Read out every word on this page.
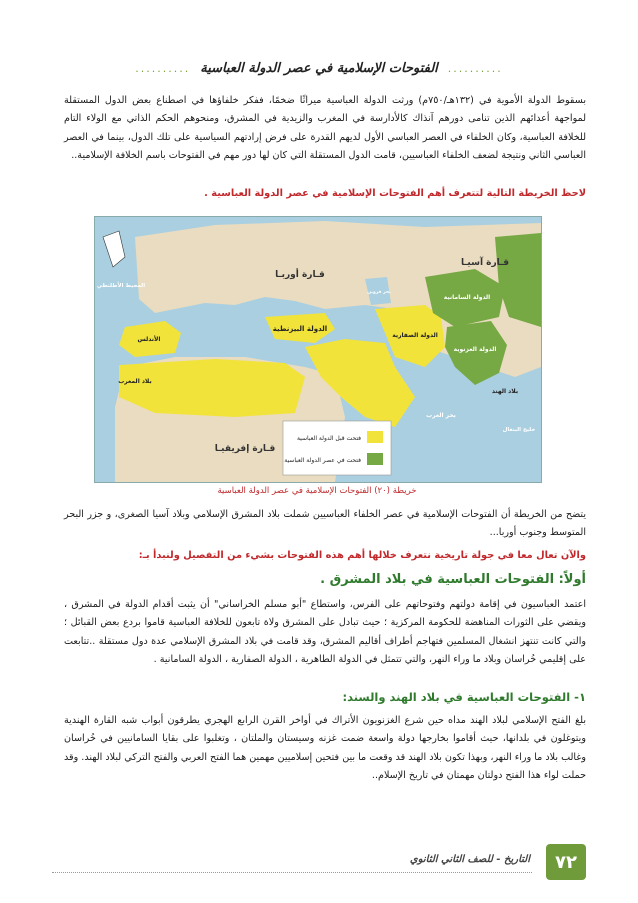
..........
الفتوحات الإسلامية في عصر الدولة العباسية
..........

بسقوط الدولة الأموية في (١٣٢هـ/٧٥٠م) ورثت الدولة العباسية ميراثًا ضخمًا، ففكر خلفاؤها في اصطناع بعض الدول المستقلة لمواجهة أعدائهم الذين تنامى دورهم آنذاك كالأدارسة في المغرب والزيدية في المشرق، ومنحوهم الحكم الذاتي مع الولاء التام للخلافة العباسية، وكان الخلفاء في العصر العباسي الأول لديهم القدرة على فرض إرادتهم السياسية على تلك الدول، بينما في العصر العباسي الثاني ونتيجة لضعف الخلفاء العباسيين، قامت الدول المستقلة التي كان لها دور مهم في الفتوحات باسم الخلافة الإسلامية..

لاحظ الخريطة التالية لتتعرف أهم الفتوحات الإسلامية في عصر الدولة العباسية .
قـارة أوربـا
قـارة آسيـا
قـارة إفريقيـا
الدولة البيزنطية
المحيط الأطلنطي
الأندلس
بلاد المغرب
الدولة السامانية
الدولة الصفارية
الدولة الغزنوية
بلاد الهند
بحر العرب
خليج البنغال
بحر قزوين
فتحت قبل الدولة العباسية
فتحت في عصر الدولة العباسية
خريطة (٢٠) الفتوحات الإسلامية في عصر الدولة العباسية

يتضح من الخريطة أن الفتوحات الإسلامية في عصر الخلفاء العباسيين شملت بلاد المشرق الإسلامي وبلاد آسيا الصغرى، و جزر البحر المتوسط وجنوب أوربا...

والآن تعال معا في جولة تاريخية نتعرف خلالها أهم هذه الفتوحات بشيء من التفصيل ولنبدأ بـ:
أولاً: الفتوحات العباسية في بلاد المشرق .

اعتمد العباسيون في إقامة دولتهم وفتوحاتهم على الفرس، واستطاع "أبو مسلم الخراساني" أن يثبت أقدام الدولة في المشرق ، ويقضي على الثورات المناهضة للحكومة المركزية ؛ حيث تبادل على المشرق ولاة تابعون للخلافة العباسية قاموا بردع بعض القبائل ؛ والتي كانت تنتهز انشغال المسلمين فتهاجم أطراف أقاليم المشرق، وقد قامت في بلاد المشرق الإسلامي عدة دول مستقلة ..تتابعت على إقليمي خُراسان وبلاد ما وراء النهر، والتي تتمثل في الدولة الطاهرية ، الدولة الصفارية ، الدولة السامانية .

١- الفتوحات العباسية في بلاد الهند والسند:

بلغ الفتح الإسلامي لبلاد الهند مداه حين شرع الغزنويون الأتراك في أواخر القرن الرابع الهجري يطرقون أبواب شبه القارة الهندية ويتوغلون في بلدانها، حيث أقاموا بخارجها دولة واسعة ضمت غزنه وسيستان والملتان ، وتغلبوا على بقايا السامانيين في خُراسان وغالب بلاد ما وراء النهر، وبهذا تكون بلاد الهند قد وقعت ما بين فتحين إسلاميين مهمين هما الفتح العربي والفتح التركي لبلاد الهند. وقد حملت لواء هذا الفتح دولتان مهمتان في تاريخ الإسلام..

٧٢
التاريخ - للصف الثاني الثانوي
